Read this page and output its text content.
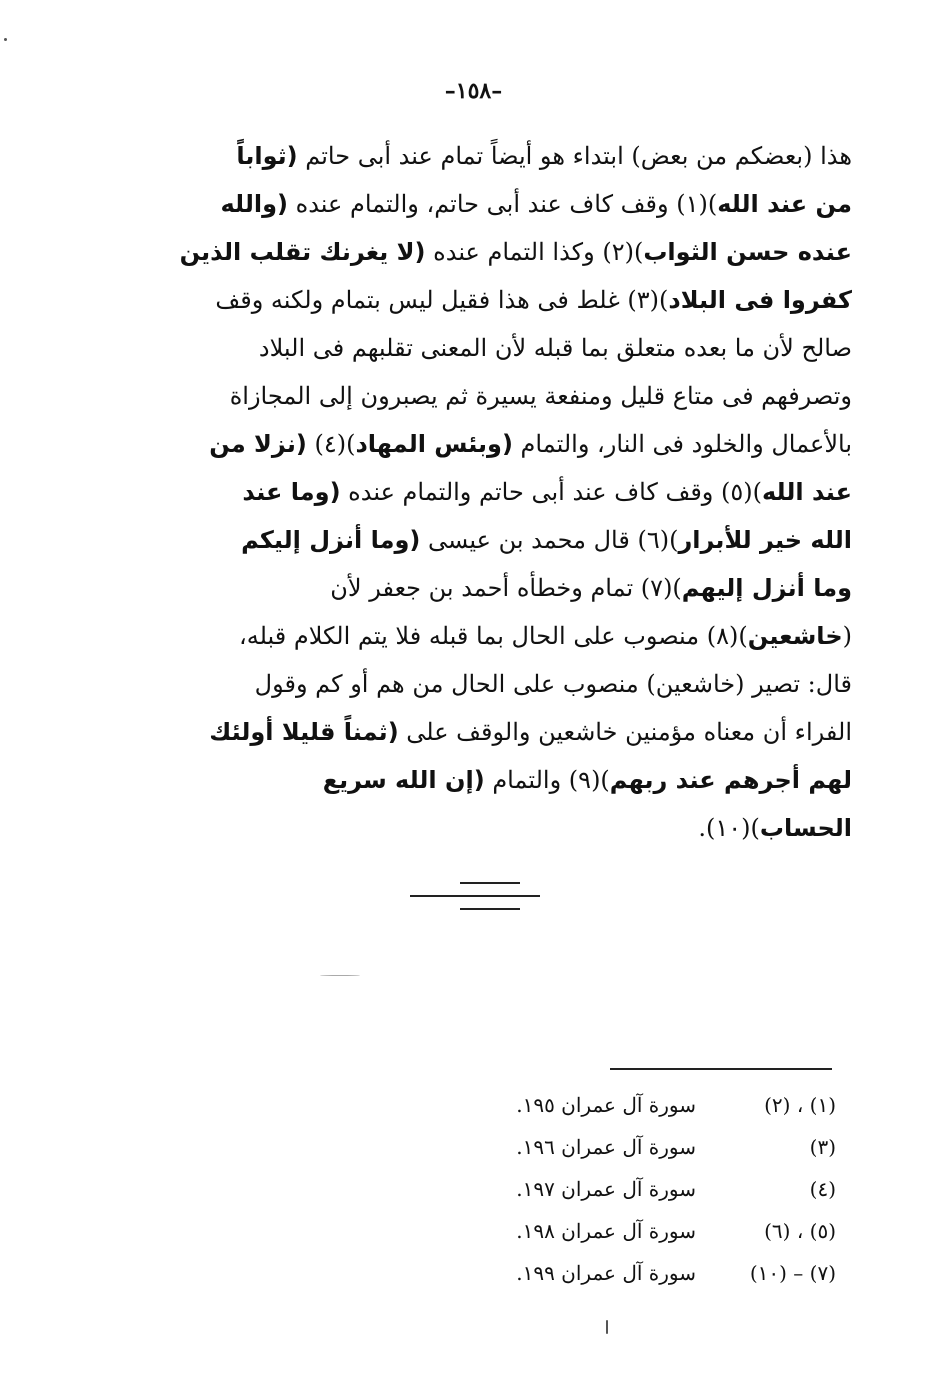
–١٥٨–
هذا (بعضكم من بعض) ابتداء هو أيضاً تمام عند أبى حاتم (ثواباً
من عند الله)(١) وقف كاف عند أبى حاتم، والتمام عنده (والله
عنده حسن الثواب)(٢) وكذا التمام عنده (لا يغرنك تقلب الذين
كفروا فى البلاد)(٣) غلط فى هذا فقيل ليس بتمام ولكنه وقف
صالح لأن ما بعده متعلق بما قبله لأن المعنى تقلبهم فى البلاد
وتصرفهم فى متاع قليل ومنفعة يسيرة ثم يصبرون إلى المجازاة
بالأعمال والخلود فى النار، والتمام (وبئس المهاد)(٤) (نزلا من
عند الله)(٥) وقف كاف عند أبى حاتم والتمام عنده (وما عند
الله خير للأبرار)(٦) قال محمد بن عيسى (وما أنزل إليكم
وما أنزل إليهم)(٧) تمام وخطأه أحمد بن جعفر لأن
(خاشعين)(٨) منصوب على الحال بما قبله فلا يتم الكلام قبله،
قال: تصير (خاشعين) منصوب على الحال من هم أو كم وقول
الفراء أن معناه مؤمنين خاشعين والوقف على (ثمناً قليلا أولئك
لهم أجرهم عند ربهم)(٩) والتمام (إن الله سريع
الحساب)(١٠).
(١) ، (٢)
سورة آل عمران ١٩٥.
(٣)
سورة آل عمران ١٩٦.
(٤)
سورة آل عمران ١٩٧.
(٥) ، (٦)
سورة آل عمران ١٩٨.
(٧) – (١٠)
سورة آل عمران ١٩٩.
